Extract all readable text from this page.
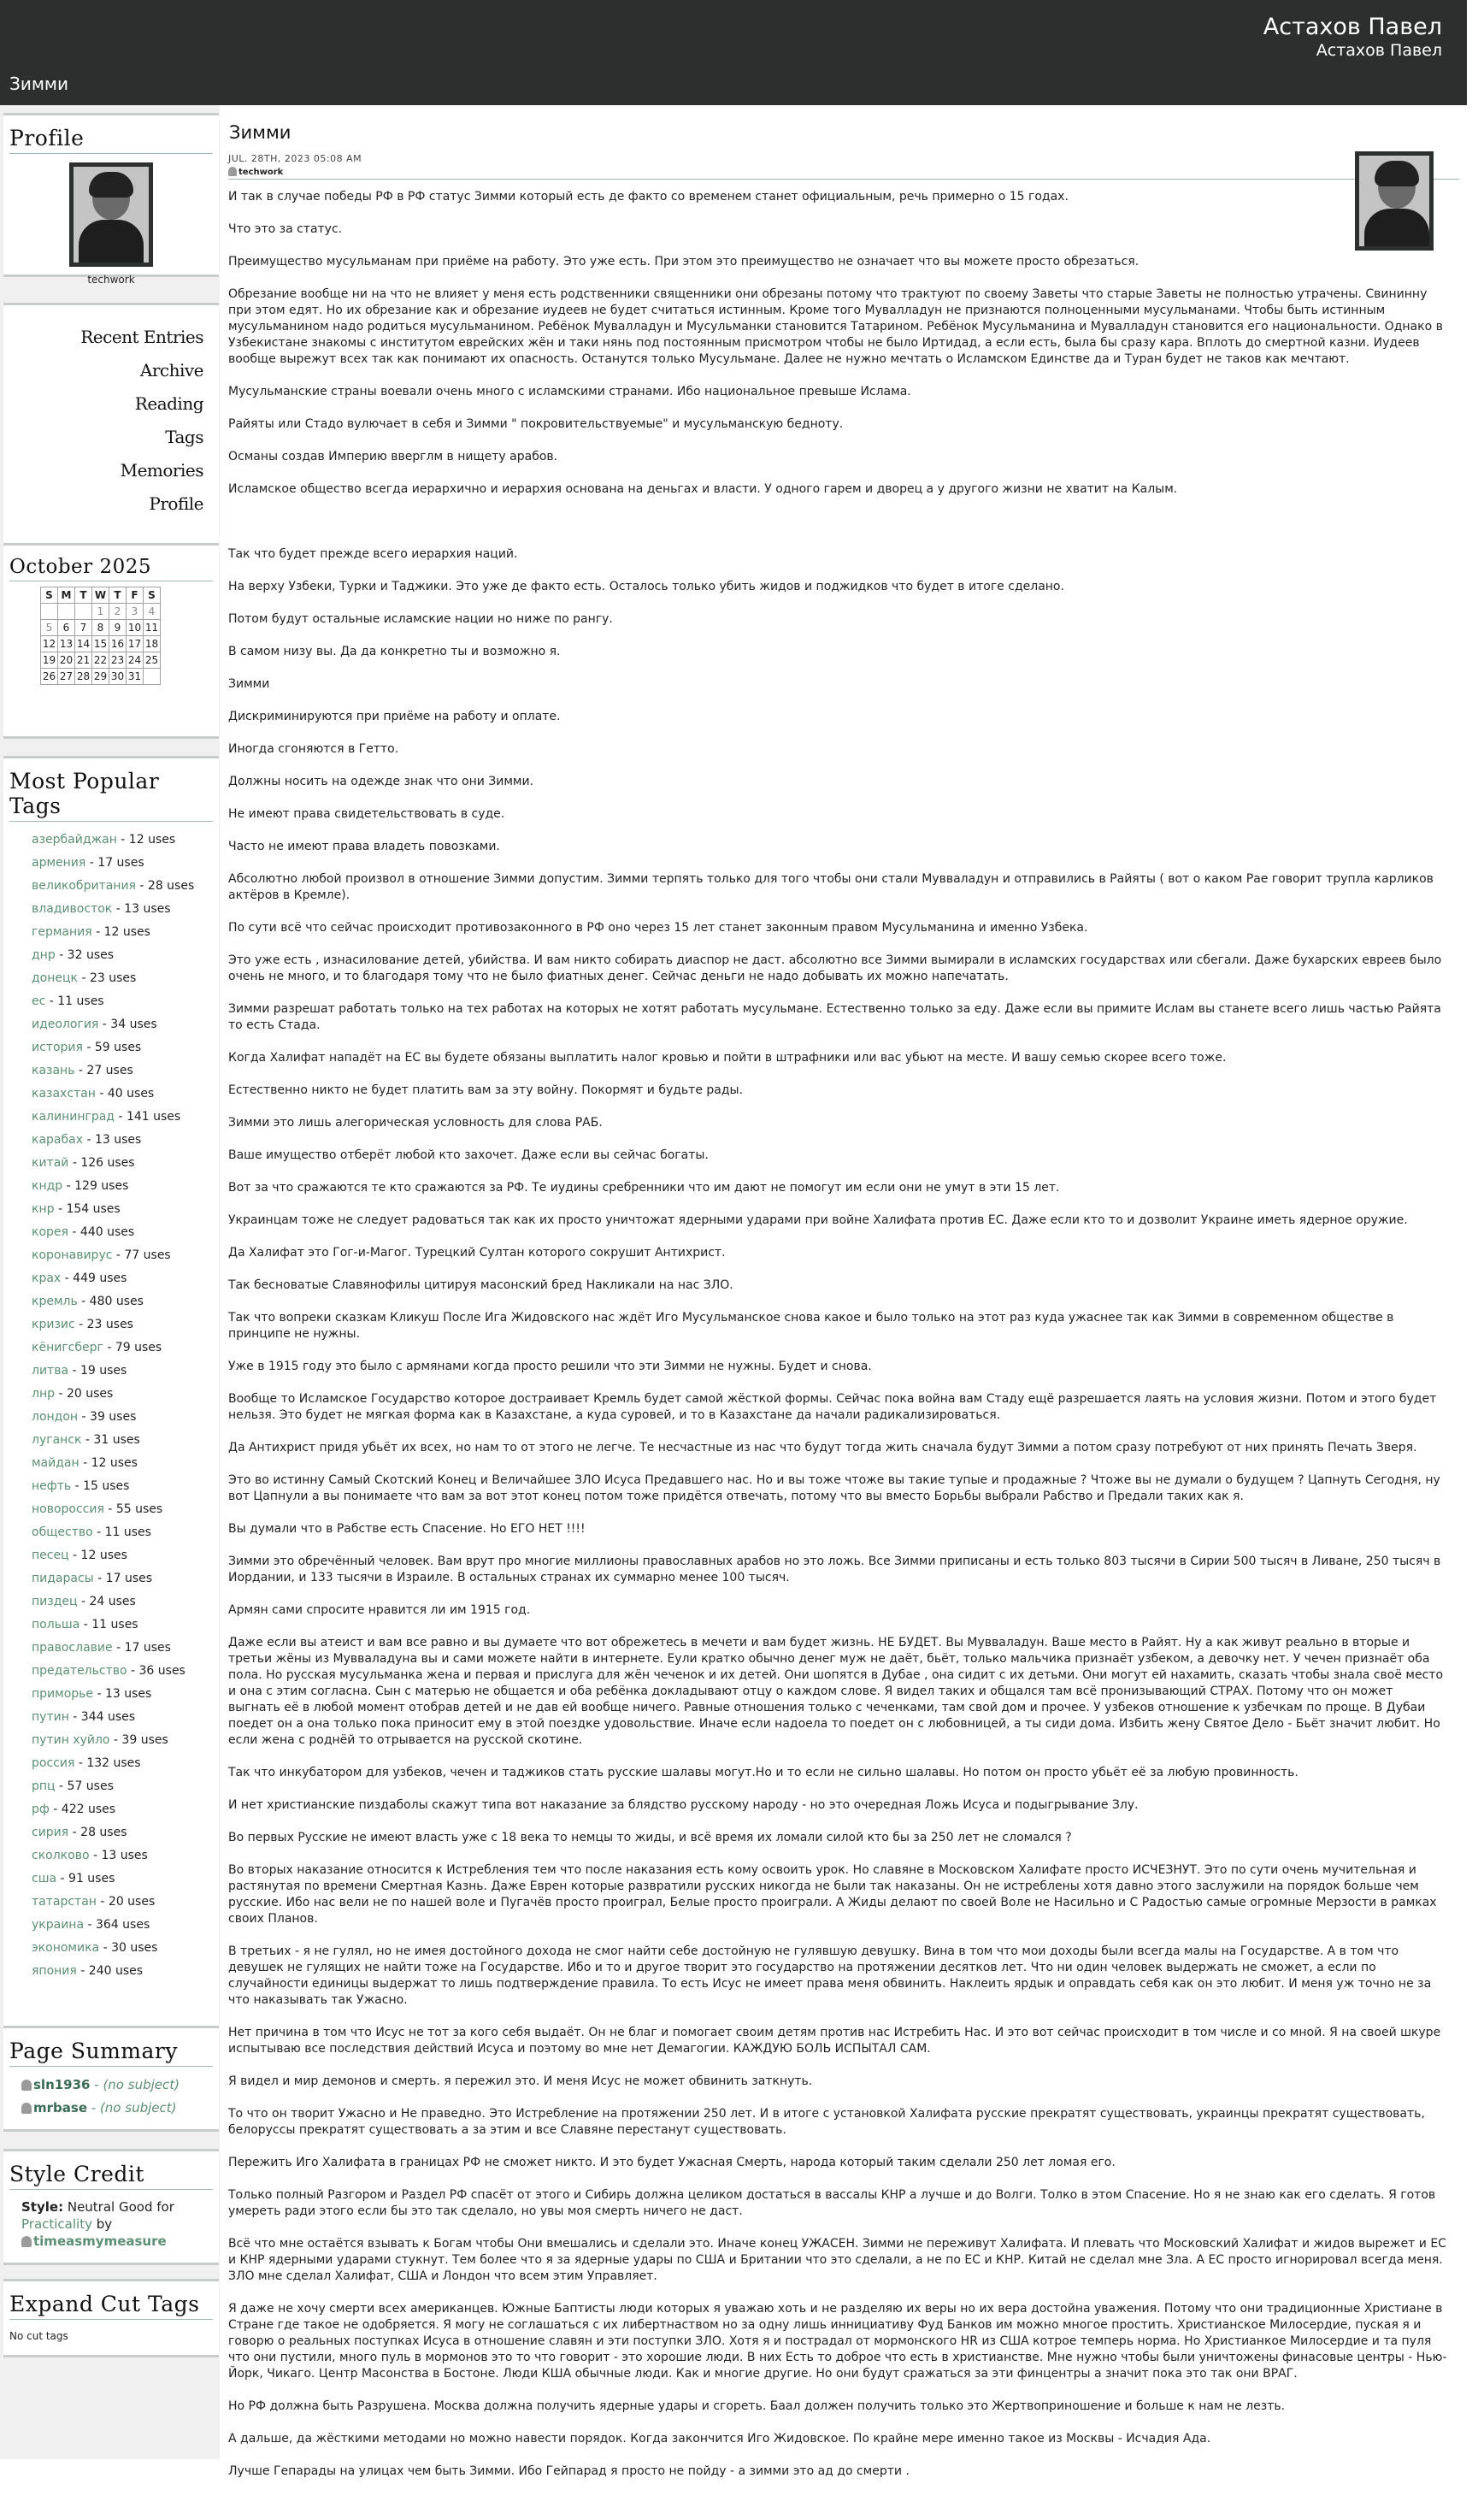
Астахов Павел
Астахов Павел
Зимми
Profile
techwork
Recent Entries
Archive
Reading
Tags
Memories
Profile
October 2025
S	M	T	W	T	F	S
			1	2	3	4
5	6	7	8	9	10	11
12	13	14	15	16	17	18
19	20	21	22	23	24	25
26	27	28	29	30	31	
Most Popular Tags
азербайджан - 12 uses
армения - 17 uses
великобритания - 28 uses
владивосток - 13 uses
германия - 12 uses
днр - 32 uses
донецк - 23 uses
ес - 11 uses
идеология - 34 uses
история - 59 uses
казань - 27 uses
казахстан - 40 uses
калининград - 141 uses
карабах - 13 uses
китай - 126 uses
кндр - 129 uses
кнр - 154 uses
корея - 440 uses
коронавирус - 77 uses
крах - 449 uses
кремль - 480 uses
кризис - 23 uses
кёнигсберг - 79 uses
литва - 19 uses
лнр - 20 uses
лондон - 39 uses
луганск - 31 uses
майдан - 12 uses
нефть - 15 uses
новороссия - 55 uses
общество - 11 uses
песец - 12 uses
пидарасы - 17 uses
пиздец - 24 uses
польша - 11 uses
православие - 17 uses
предательство - 36 uses
приморье - 13 uses
путин - 344 uses
путин хуйло - 39 uses
россия - 132 uses
рпц - 57 uses
рф - 422 uses
сирия - 28 uses
сколково - 13 uses
сша - 91 uses
татарстан - 20 uses
украина - 364 uses
экономика - 30 uses
япония - 240 uses
Page Summary
sln1936 - (no subject)
mrbase - (no subject)
Style Credit
Style: Neutral Good for
Practicality by
timeasmymeasure
Expand Cut Tags
No cut tags
Зимми
JUL. 28TH, 2023 05:08 AM
techwork

И так в случае победы РФ в РФ статус Зимми который есть де факто со временем станет официальным, речь примерно о 15 годах.

Что это за статус.

Преимущество мусульманам при приёме на работу. Это уже есть. При этом это преимущество не означает что вы можете просто обрезаться.

Обрезание вообще ни на что не влияет у меня есть родственники священники они обрезаны потому что трактуют по своему Заветы что старые Заветы не полностью утрачены. Свининну при этом едят. Но их обрезание как и обрезание иудеев не будет считаться истинным. Кроме того Мувалладун не признаются полноценными мусульманами. Чтобы быть истинным мусульманином надо родиться мусульманином. Ребёнок Мувалладун и Мусульманки становится Татарином. Ребёнок Мусульманина и Мувалладун становится его национальности. Однако в Узбекистане знакомы с институтом еврейских жён и таки нянь под постоянным присмотром чтобы не было Иртидад, а если есть, была бы сразу кара. Вплоть до смертной казни. Иудеев вообще вырежут всех так как понимают их опасность. Останутся только Мусульмане. Далее не нужно мечтать о Исламском Единстве да и Туран будет не таков как мечтают.

Мусульманские страны воевали очень много с исламскими странами. Ибо национальное превыше Ислама.

Райяты или Стадо вулючает в себя и Зимми " покровительствуемые" и мусульманскую бедноту.

Османы создав Империю вверглм в нищету арабов.

Исламское общество всегда иерархично и иерархия основана на деньгах и власти. У одного гарем и дворец а у другого жизни не хватит на Калым.

Так что будет прежде всего иерархия наций.

На верху Узбеки, Турки и Таджики. Это уже де факто есть. Осталось только убить жидов и поджидков что будет в итоге сделано.

Потом будут остальные исламские нации но ниже по рангу.

В самом низу вы. Да да конкретно ты и возможно я.

Зимми

Дискриминируются при приёме на работу и оплате.

Иногда сгоняются в Гетто.

Должны носить на одежде знак что они Зимми.

Не имеют права свидетельствовать в суде.

Часто не имеют права владеть повозками.

Абсолютно любой произвол в отношение Зимми допустим. Зимми терпять только для того чтобы они стали Мувваладун и отправились в Райяты ( вот о каком Рае говорит трупла карликов актёров в Кремле).

По сути всё что сейчас происходит противозаконного в РФ оно через 15 лет станет законным правом Мусульманина и именно Узбека.

Это уже есть , изнасилование детей, убийства. И вам никто собирать диаспор не даст. абсолютно все Зимми вымирали в исламских государствах или сбегали. Даже бухарских евреев было очень не много, и то благодаря тому что не было фиатных денег. Сейчас деньги не надо добывать их можно напечатать.

Зимми разрешат работать только на тех работах на которых не хотят работать мусульмане. Естественно только за еду. Даже если вы примите Ислам вы станете всего лишь частью Райята то есть Стада.

Когда Халифат нападёт на ЕС вы будете обязаны выплатить налог кровью и пойти в штрафники или вас убьют на месте. И вашу семью скорее всего тоже.

Естественно никто не будет платить вам за эту войну. Покормят и будьте рады.

Зимми это лишь алегорическая условность для слова РАБ.

Ваше имущество отберёт любой кто захочет. Даже если вы сейчас богаты.

Вот за что сражаются те кто сражаются за РФ. Те иудины сребренники что им дают не помогут им если они не умут в эти 15 лет.

Украинцам тоже не следует радоваться так как их просто уничтожат ядерными ударами при войне Халифата против ЕС. Даже если кто то и дозволит Украине иметь ядерное оружие.

Да Халифат это Гог-и-Магог. Турецкий Султан которого сокрушит Антихрист.

Так бесноватые Славянофилы цитируя масонский бред Накликали на нас ЗЛО.

Так что вопреки сказкам Кликуш После Ига Жидовского нас ждёт Иго Мусульманское снова какое и было только на этот раз куда ужаснее так как Зимми в современном обществе в принципе не нужны.

Уже в 1915 году это было с армянами когда просто решили что эти Зимми не нужны. Будет и снова.

Вообще то Исламское Государство которое достраивает Кремль будет самой жёсткой формы. Сейчас пока война вам Стаду ещё разрешается лаять на условия жизни. Потом и этого будет нельзя. Это будет не мягкая форма как в Казахстане, а куда суровей, и то в Казахстане да начали радикализироваться.

Да Антихрист придя убьёт их всех, но нам то от этого не легче. Те несчастные из нас что будут тогда жить сначала будут Зимми а потом сразу потребуют от них принять Печать Зверя.

Это во истинну Самый Скотский Конец и Величайшее ЗЛО Исуса Предавшего нас. Но и вы тоже чтоже вы такие тупые и продажные ? Чтоже вы не думали о будущем ? Цапнуть Сегодня, ну вот Цапнули а вы понимаете что вам за вот этот конец потом тоже придётся отвечать, потому что вы вместо Борьбы выбрали Рабство и Предали таких как я.

Вы думали что в Рабстве есть Спасение. Но ЕГО НЕТ !!!!

Зимми это обречённый человек. Вам врут про многие миллионы православных арабов но это ложь. Все Зимми приписаны и есть только 803 тысячи в Сирии 500 тысяч в Ливане, 250 тысяч в Иордании, и 133 тысячи в Израиле. В остальных странах их суммарно менее 100 тысяч.

Армян сами спросите нравится ли им 1915 год.

Даже если вы атеист и вам все равно и вы думаете что вот обрежетесь в мечети и вам будет жизнь. НЕ БУДЕТ. Вы Мувваладун. Ваше место в Райят. Ну а как живут реально в вторые и третьи жёны из Мувваладуна вы и сами можете найти в интернете. Еули кратко обычно денег муж не даёт, бьёт, только мальчика признаёт узбеком, а девочку нет. У чечен признаёт оба пола. Но русская мусульманка жена и первая и прислуга для жён чеченок и их детей. Они шопятся в Дубае , она сидит с их детьми. Они могут ей нахамить, сказать чтобы знала своё место и она с этим согласна. Сын с матерью не общается и оба ребёнка докладывают отцу о каждом слове. Я видел таких и общался там всё пронизывающий СТРАХ. Потому что он может выгнать её в любой момент отобрав детей и не дав ей вообще ничего. Равные отношения только с чеченками, там свой дом и прочее. У узбеков отношение к узбечкам по проще. В Дубаи поедет он а она только пока приносит ему в этой поездке удовольствие. Иначе если надоела то поедет он с любовницей, а ты сиди дома. Избить жену Святое Дело - Бьёт значит любит. Но если жена с роднёй то отрывается на русской скотине.

Так что инкубатором для узбеков, чечен и таджиков стать русские шалавы могут.Но и то если не сильно шалавы. Но потом он просто убьёт её за любую провинность.

И нет христианские пиздаболы скажут типа вот наказание за блядство русскому народу - но это очередная Ложь Исуса и подыгрывание Злу.

Во первых Русские не имеют власть уже с 18 века то немцы то жиды, и всё время их ломали силой кто бы за 250 лет не сломался ?

Во вторых наказание относится к Истребления тем что после наказания есть кому освоить урок. Но славяне в Московском Халифате просто ИСЧЕЗНУТ. Это по сути очень мучительная и растянутая по времени Смертная Казнь. Даже Еврен которые развратили русских никогда не были так наказаны. Он не истреблены хотя давно этого заслужили на порядок больше чем русские. Ибо нас вели не по нашей воле и Пугачёв просто проиграл, Белые просто проиграли. А Жиды делают по своей Воле не Насильно и С Радостью самые огромные Мерзости в рамках своих Планов.

В третьих - я не гулял, но не имея достойного дохода не смог найти себе достойную не гулявшую девушку. Вина в том что мои доходы были всегда малы на Государстве. А в том что девушек не гулящих не найти тоже на Государстве. Ибо и то и другое творит это государство на протяжении десятков лет. Что ни один человек выдержать не сможет, а если по случайности единицы выдержат то лишь подтверждение правила. То есть Исус не имеет права меня обвинить. Наклеить ярдык и оправдать себя как он это любит. И меня уж точно не за что наказывать так Ужасно.

Нет причина в том что Исус не тот за кого себя выдаёт. Он не благ и помогает своим детям против нас Истребить Нас. И это вот сейчас происходит в том числе и со мной. Я на своей шкуре испытываю все последствия действий Исуса и поэтому во мне нет Демагогии. КАЖДУЮ БОЛЬ ИСПЫТАЛ САМ.

Я видел и мир демонов и смерть. я пережил это. И меня Исус не может обвинить заткнуть.

То что он творит Ужасно и Не праведно. Это Истребление на протяжении 250 лет. И в итоге с установкой Халифата русские прекратят существовать, украинцы прекратят существовать, белоруссы прекратят существовать а за этим и все Славяне перестанут существовать.

Пережить Иго Халифата в границах РФ не сможет никто. И это будет Ужасная Смерть, народа который таким сделали 250 лет ломая его.

Только полный Разгором и Раздел РФ спасёт от этого и Сибирь должна целиком достаться в вассалы КНР а лучше и до Волги. Толко в этом Спасение. Но я не знаю как его сделать. Я готов умереть ради этого если бы это так сделало, но увы моя смерть ничего не даст.

Всё что мне остаётся взывать к Богам чтобы Они вмешались и сделали это. Иначе конец УЖАСЕН. Зимми не переживут Халифата. И плевать что Московский Халифат и жидов вырежет и ЕС и КНР ядерными ударами стукнут. Тем более что я за ядерные удары по США и Британии что это сделали, а не по ЕС и КНР. Китай не сделал мне Зла. А ЕС просто игнорировал всегда меня. ЗЛО мне сделал Халифат, США и Лондон что всем этим Управляет.

Я даже не хочу смерти всех американцев. Южные Баптисты люди которых я уважаю хоть и не разделяю их веры но их вера достойна уважения. Потому что они традиционные Христиане в Стране где такое не одобряется. Я могу не соглашаться с их либертнаством но за одну лишь иннициативу Фуд Банков им можно многое простить. Христианское Милосердие, пуская я и говорю о реальных поступках Исуса в отношение славян и эти поступки ЗЛО. Хотя я и пострадал от мормонского НR из США котрое темперь норма. Но Христианкое Милосердие и та пуля что они пустили, много пуль в мормонов это то что говорит - это хорошие люди. В них Есть то доброе что есть в христианстве. Мне нужно чтобы были уничтожены финасовые центры - Нью-Йорк, Чикаго. Центр Масонства в Бостоне. Люди КША обычные люди. Как и многие другие. Но они будут сражаться за эти финцентры а значит пока это так они ВРАГ.

Но РФ должна быть Разрушена. Москва должна получить ядерные удары и сгореть. Баал должен получить только это Жертвоприношение и больше к нам не лезть.

А дальше, да жёсткими методами но можно навести порядок. Когда закончится Иго Жидовское. По крайне мере именно такое из Москвы - Исчадия Ада.

Лучше Гепарады на улицах чем быть Зимми. Ибо Гейпарад я просто не пойду - а зимми это ад до смерти .
